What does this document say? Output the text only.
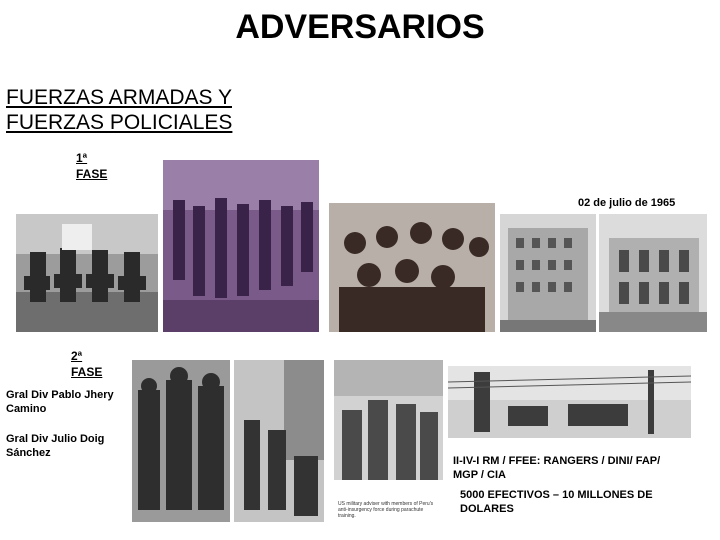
ADVERSARIOS
FUERZAS ARMADAS Y
FUERZAS POLICIALES
1ª
FASE
02 de julio de 1965
2ª
FASE
Gral Div Pablo Jhery
Camino
Gral Div Julio Doig
Sánchez
US military adviser with members of Peru's anti-insurgency force during parachute training.
II-IV-I RM / FFEE: RANGERS / DINI/ FAP/
MGP / CIA
5000 EFECTIVOS – 10 MILLONES DE
DOLARES
